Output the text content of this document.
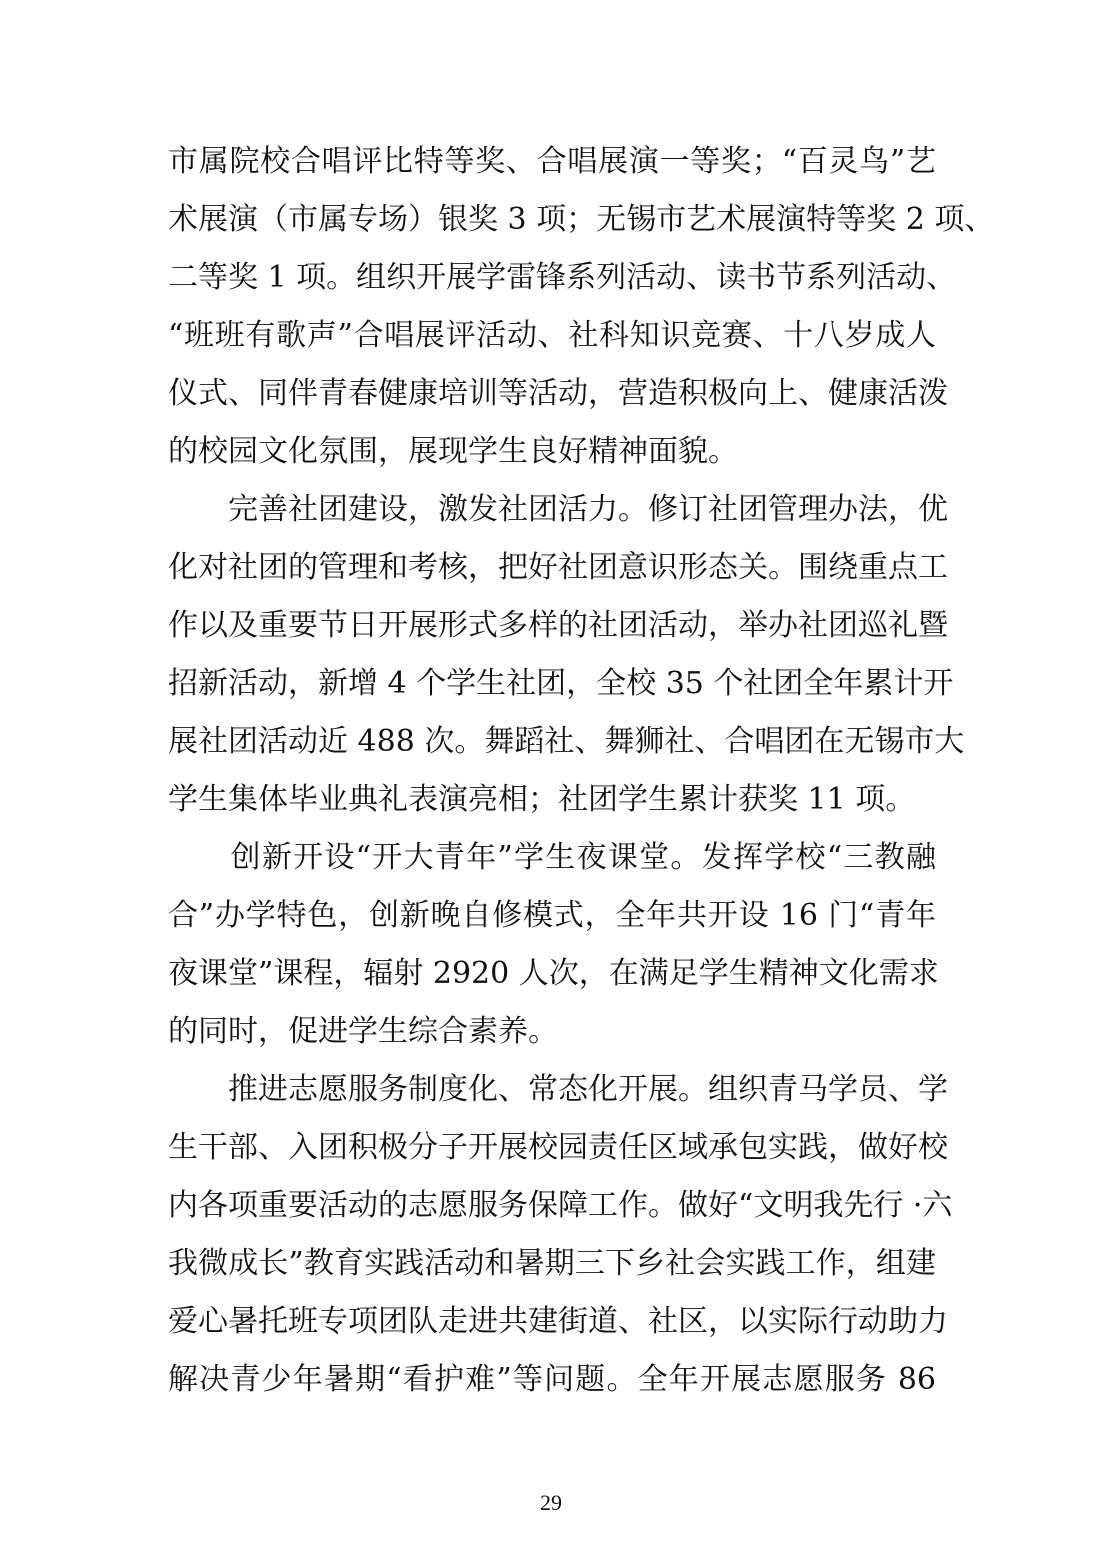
市属院校合唱评比特等奖、合唱展演一等奖；“百灵鸟”艺
术展演（市属专场）银奖 3 项；无锡市艺术展演特等奖 2 项、
二等奖 1 项。组织开展学雷锋系列活动、读书节系列活动、
“班班有歌声”合唱展评活动、社科知识竞赛、十八岁成人
仪式、同伴青春健康培训等活动，营造积极向上、健康活泼
的校园文化氛围，展现学生良好精神面貌。
　　完善社团建设，激发社团活力。修订社团管理办法，优
化对社团的管理和考核，把好社团意识形态关。围绕重点工
作以及重要节日开展形式多样的社团活动，举办社团巡礼暨
招新活动，新增 4 个学生社团，全校 35 个社团全年累计开
展社团活动近 488 次。舞蹈社、舞狮社、合唱团在无锡市大
学生集体毕业典礼表演亮相；社团学生累计获奖 11 项。
　　创新开设“开大青年”学生夜课堂。发挥学校“三教融
合”办学特色，创新晚自修模式，全年共开设 16 门“青年
夜课堂”课程，辐射 2920 人次，在满足学生精神文化需求
的同时，促进学生综合素养。
　　推进志愿服务制度化、常态化开展。组织青马学员、学
生干部、入团积极分子开展校园责任区域承包实践，做好校
内各项重要活动的志愿服务保障工作。做好“文明我先行 ·六
我微成长”教育实践活动和暑期三下乡社会实践工作，组建
爱心暑托班专项团队走进共建街道、社区，以实际行动助力
解决青少年暑期“看护难”等问题。全年开展志愿服务 86
29
